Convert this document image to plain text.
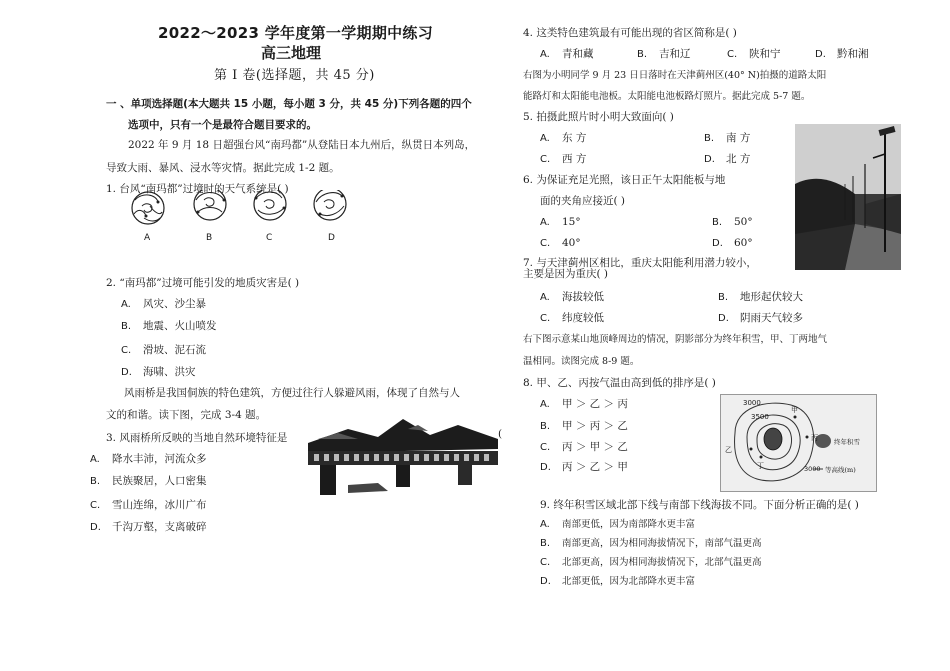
2022～2023 学年度第一学期期中练习
高三地理
第 I 卷(选择题，共 45 分)
一 、单项选择题(本大题共 15 小题，每小题 3 分，共 45 分)下列各题的四个
选项中，只有一个是最符合题目要求的。
2022 年 9 月 18 日超强台风“南玛都”从登陆日本九州后，纵贯日本列岛，
导致大雨、暴风、浸水等灾情。据此完成 1-2 题。
1. 台风“南玛都”过境时的天气系统是( )
A	B	C	D
2. “南玛都”过境可能引发的地质灾害是( )
A. 风灾、沙尘暴
B. 地震、火山喷发
C. 滑坡、泥石流
D. 海啸、洪灾
风雨桥是我国侗族的特色建筑，方便过往行人躲避风雨，体现了自然与人
文的和谐。读下图，完成 3-4 题。
3. 风雨桥所反映的当地自然环境特征是	(
A. 降水丰沛，河流众多
B. 民族聚居，人口密集
C. 雪山连绵，冰川广布
D. 千沟万壑，支离破碎
4. 这类特色建筑最有可能出现的省区简称是( )
A. 青和藏	B. 吉和辽	C. 陕和宁	D. 黔和湘
右图为小明同学 9 月 23 日日落时在天津蓟州区(40° N)拍摄的道路太阳
能路灯和太阳能电池板。太阳能电池板路灯照片。据此完成 5-7 题。
5. 拍摄此照片时小明大致面向( )
A. 东 方	B. 南 方
C. 西 方	D. 北 方
6. 为保证充足光照，该日正午太阳能板与地
面的夹角应接近( )
A. 15°	B. 50°
C. 40°	D. 60°
7. 与天津蓟州区相比，重庆太阳能利用潜力较小，
主要是因为重庆( )
A. 海拔较低	B. 地形起伏较大
C. 纬度较低	D. 阴雨天气较多
右下图示意某山地顶峰周边的情况，阴影部分为终年积雪，甲、丁两地气
温相同。读图完成 8-9 题。
8. 甲、乙、丙按气温由高到低的排序是( )
A. 甲 ＞ 乙 ＞ 丙
B. 甲 ＞ 丙 ＞ 乙
C. 丙 ＞ 甲 ＞ 乙
D. 丙 ＞ 乙 ＞ 甲
3000
3500
甲
乙
丙
丁
终年积雪
3000 等高线(m)
9. 终年积雪区域北部下线与南部下线海拔不同。下面分析正确的是( )
A. 南部更低，因为南部降水更丰富
B. 南部更高，因为相同海拔情况下，南部气温更高
C. 北部更高，因为相同海拔情况下，北部气温更高
D. 北部更低，因为北部降水更丰富
